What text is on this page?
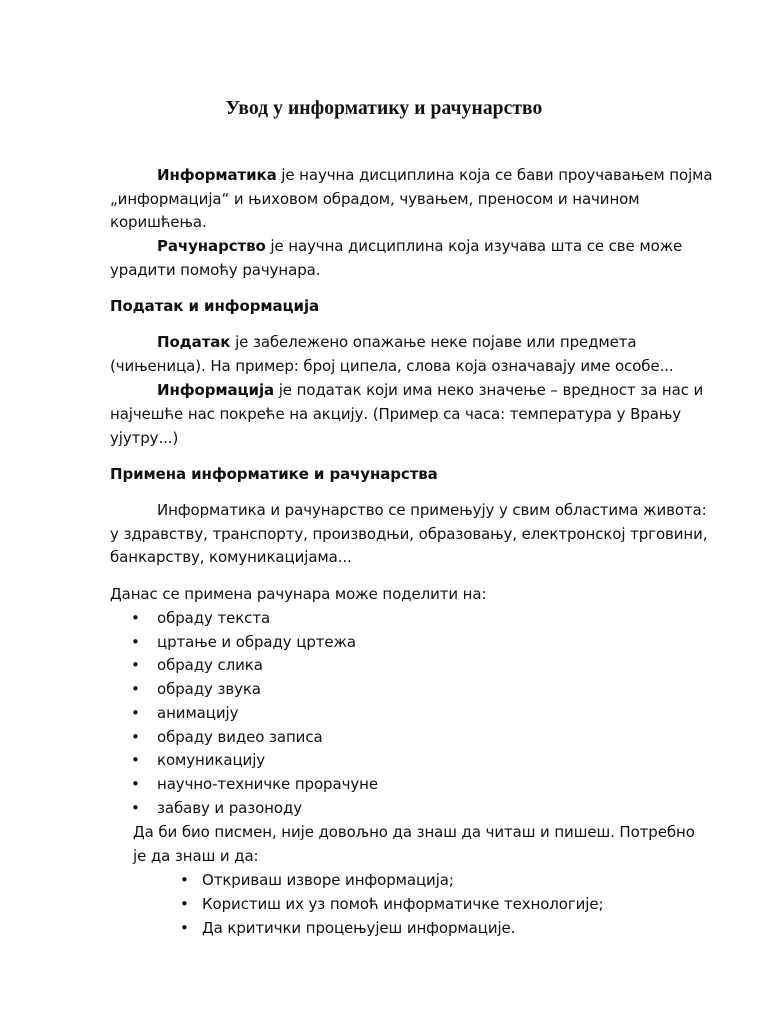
Увод у информатику и рачунарство
Информатика је научна дисциплина која се бави проучавањем појма
„информација“ и њиховом обрадом, чувањем, преносом и начином
коришћења.
Рачунарство је научна дисциплина која изучава шта се све може
урадити помоћу рачунара.
Податак и информација
Податак је забележено опажање неке појаве или предмета
(чињеница). На пример: број ципела, слова која означавају име особе...
Информација је податак који има неко значење – вредност за нас и
најчешће нас покреће на акцију. (Пример са часа: температура у Врању
ујутру...)
Примена информатике и рачунарства
Информатика и рачунарство се примењују у свим областима живота:
у здравству, транспорту, производњи, образовању, електронској трговини,
банкарству, комуникацијама...
Данас се примена рачунара може поделити на:
• обраду текста
• цртање и обраду цртежа
• обраду слика
• обраду звука
• анимацију
• обраду видео записа
• комуникацију
• научно-техничке прорачуне
• забаву и разоноду
Да би био писмен, није довољно да знаш да читаш и пишеш. Потребно
је да знаш и да:
• Откриваш изворе информација;
• Користиш их уз помоћ информатичке технологије;
• Да критички процењујеш информације.
